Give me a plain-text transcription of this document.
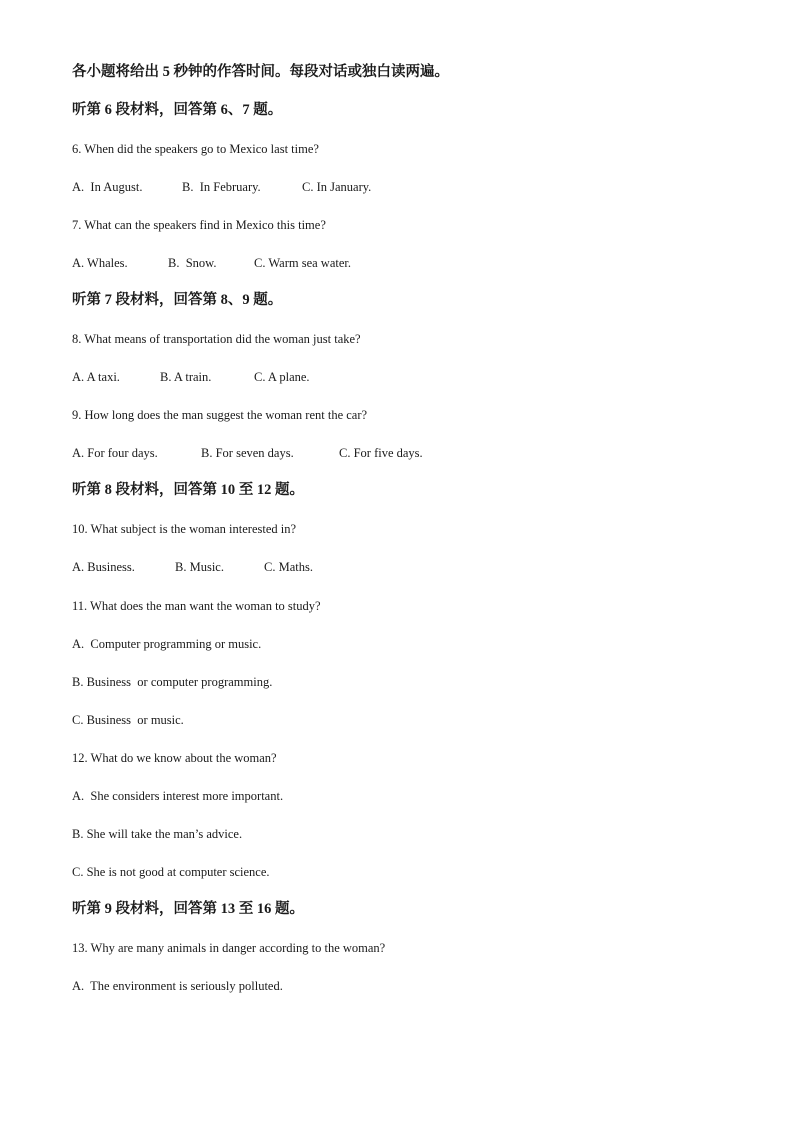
各小题将给出 5 秒钟的作答时间。每段对话或独白读两遍。
听第 6 段材料，回答第 6、7 题。
6. When did the speakers go to Mexico last time?

A.  In August.

	B.  In February.

	C. In January.

7. What can the speakers find in Mexico this time?

A. Whales.

	B.  Snow.

	C. Warm sea water.

听第 7 段材料，回答第 8、9 题。
8. What means of transportation did the woman just take?

A. A taxi.

	B. A train.

	C. A plane.

9. How long does the man suggest the woman rent the car?

A. For four days.

	B. For seven days.

	C. For five days.

听第 8 段材料，回答第 10 至 12 题。
10. What subject is the woman interested in?

A. Business.

	B. Music.

	C. Maths.

11. What does the man want the woman to study?
A.  Computer programming or music.
B. Business  or computer programming.
C. Business  or music.
12. What do we know about the woman?
A.  She considers interest more important.
B. She will take the man’s advice.
C. She is not good at computer science.
听第 9 段材料，回答第 13 至 16 题。
13. Why are many animals in danger according to the woman?
A.  The environment is seriously polluted.
